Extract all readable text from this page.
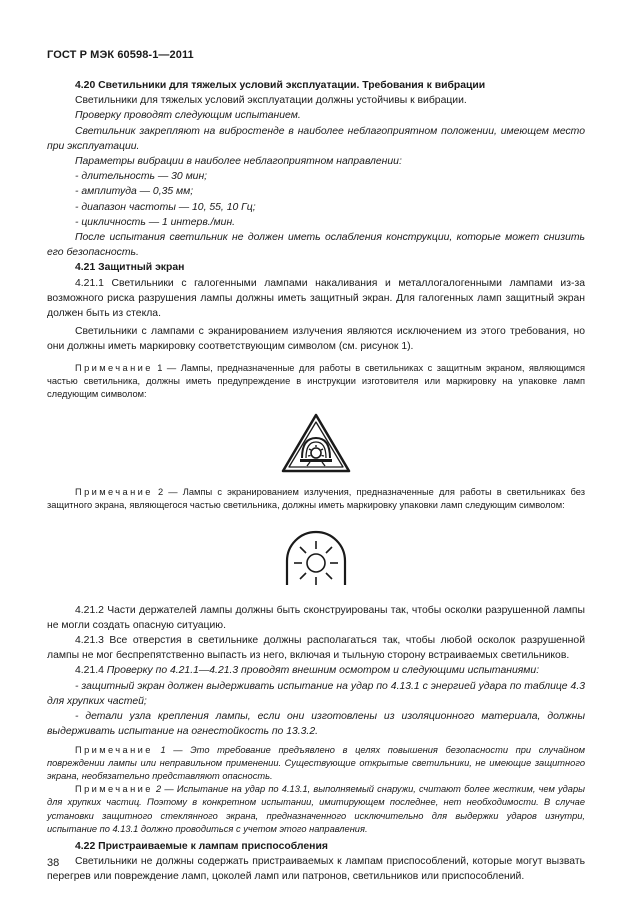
ГОСТ Р МЭК 60598-1—2011

4.20 Светильники для тяжелых условий эксплуатации. Требования к вибрации

Светильники для тяжелых условий эксплуатации должны устойчивы к вибрации.

Проверку проводят следующим испытанием.

Светильник закрепляют на вибростенде в наиболее неблагоприятном положении, имеющем место при эксплуатации.

Параметры вибрации в наиболее неблагоприятном направлении:

- длительность — 30 мин;

- амплитуда — 0,35 мм;

- диапазон частоты — 10, 55, 10 Гц;

- цикличность — 1 интерв./мин.

После испытания светильник не должен иметь ослабления конструкции, которые может снизить его безопасность.

4.21 Защитный экран

4.21.1 Светильники с галогенными лампами накаливания и металлогалогенными лампами из-за возможного риска разрушения лампы должны иметь защитный экран. Для галогенных ламп защитный экран должен быть из стекла.

Светильники с лампами с экранированием излучения являются исключением из этого требования, но они должны иметь маркировку соответствующим символом (см. рисунок 1).

Примечание 1 — Лампы, предназначенные для работы в светильниках с защитным экраном, являющимся частью светильника, должны иметь предупреждение в инструкции изготовителя или маркировку на упаковке ламп следующим символом:

Примечание 2 — Лампы с экранированием излучения, предназначенные для работы в светильниках без защитного экрана, являющегося частью светильника, должны иметь маркировку упаковки ламп следующим символом:

4.21.2 Части держателей лампы должны быть сконструированы так, чтобы осколки разрушенной лампы не могли создать опасную ситуацию.

4.21.3 Все отверстия в светильнике должны располагаться так, чтобы любой осколок разрушенной лампы не мог беспрепятственно выпасть из него, включая и тыльную сторону встраиваемых светильников.

4.21.4 Проверку по 4.21.1—4.21.3 проводят внешним осмотром и следующими испытаниями:

- защитный экран должен выдерживать испытание на удар по 4.13.1 с энергией удара по таблице 4.3 для хрупких частей;

- детали узла крепления лампы, если они изготовлены из изоляционного материала, должны выдерживать испытание на огнестойкость по 13.3.2.

Примечание 1 — Это требование предъявлено в целях повышения безопасности при случайном повреждении лампы или неправильном применении. Существующие открытые светильники, не имеющие защитного экрана, необязательно представляют опасность.

Примечание 2 — Испытание на удар по 4.13.1, выполняемый снаружи, считают более жестким, чем удары для хрупких частиц. Поэтому в конкретном испытании, имитирующем последнее, нет необходимости. В случае установки защитного стеклянного экрана, предназначенного исключительно для выдержки ударов изнутри, испытание по 4.13.1 должно проводиться с учетом этого направления.

4.22 Пристраиваемые к лампам приспособления

Светильники не должны содержать пристраиваемых к лампам приспособлений, которые могут вызвать перегрев или повреждение ламп, цоколей ламп или патронов, светильников или приспособлений.

38
